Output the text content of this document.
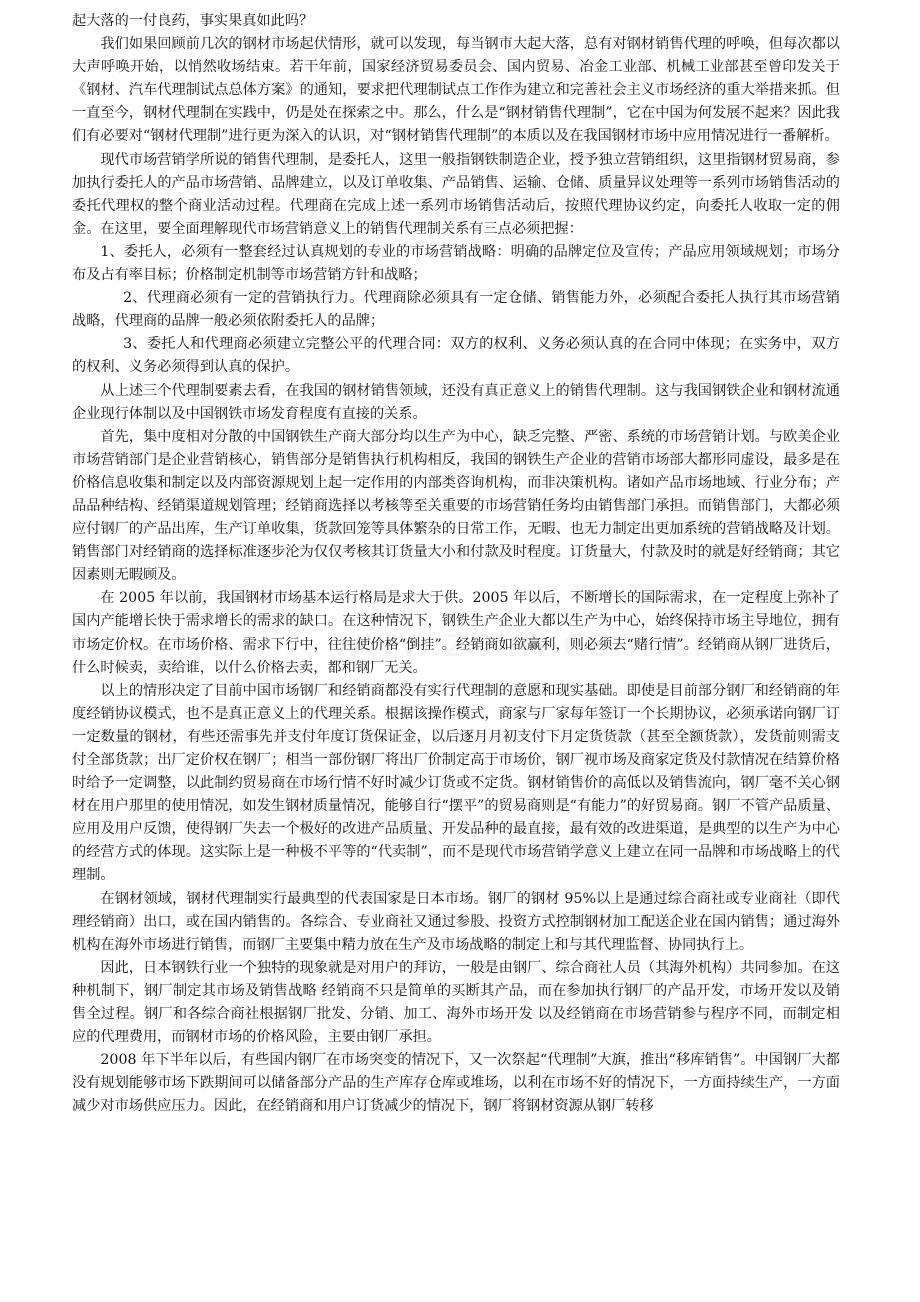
起大落的一付良药，事实果真如此吗？

我们如果回顾前几次的钢材市场起伏情形，就可以发现，每当钢市大起大落，总有对钢材销售代理的呼唤，但每次都以大声呼唤开始，以悄然收场结束。若干年前，国家经济贸易委员会、国内贸易、冶金工业部、机械工业部甚至曾印发关于《钢材、汽车代理制试点总体方案》的通知，要求把代理制试点工作作为建立和完善社会主义市场经济的重大举措来抓。但一直至今，钢材代理制在实践中，仍是处在探索之中。那么，什么是“钢材销售代理制”，它在中国为何发展不起来？因此我们有必要对“钢材代理制”进行更为深入的认识，对“钢材销售代理制”的本质以及在我国钢材市场中应用情况进行一番解析。

现代市场营销学所说的销售代理制，是委托人，这里一般指钢铁制造企业，授予独立营销组织，这里指钢材贸易商，参加执行委托人的产品市场营销、品牌建立，以及订单收集、产品销售、运输、仓储、质量异议处理等一系列市场销售活动的委托代理权的整个商业活动过程。代理商在完成上述一系列市场销售活动后，按照代理协议约定，向委托人收取一定的佣金。在这里，要全面理解现代市场营销意义上的销售代理制关系有三点必须把握：

1、委托人，必须有一整套经过认真规划的专业的市场营销战略：明确的品牌定位及宣传；产品应用领域规划；市场分布及占有率目标；价格制定机制等市场营销方针和战略；

2、代理商必须有一定的营销执行力。代理商除必须具有一定仓储、销售能力外，必须配合委托人执行其市场营销战略，代理商的品牌一般必须依附委托人的品牌；

3、委托人和代理商必须建立完整公平的代理合同：双方的权利、义务必须认真的在合同中体现；在实务中，双方的权利、义务必须得到认真的保护。

从上述三个代理制要素去看，在我国的钢材销售领域，还没有真正意义上的销售代理制。这与我国钢铁企业和钢材流通企业现行体制以及中国钢铁市场发育程度有直接的关系。

首先，集中度相对分散的中国钢铁生产商大部分均以生产为中心，缺乏完整、严密、系统的市场营销计划。与欧美企业市场营销部门是企业营销核心，销售部分是销售执行机构相反，我国的钢铁生产企业的营销市场部大都形同虚设，最多是在价格信息收集和制定以及内部资源规划上起一定作用的内部类咨询机构，而非决策机构。诸如产品市场地域、行业分布；产品品种结构、经销渠道规划管理；经销商选择以考核等至关重要的市场营销任务均由销售部门承担。而销售部门，大都必须应付钢厂的产品出库，生产订单收集，货款回笼等具体繁杂的日常工作，无暇、也无力制定出更加系统的营销战略及计划。销售部门对经销商的选择标准逐步沦为仅仅考核其订货量大小和付款及时程度。订货量大，付款及时的就是好经销商；其它因素则无暇顾及。

在 2005 年以前，我国钢材市场基本运行格局是求大于供。2005 年以后，不断增长的国际需求，在一定程度上弥补了国内产能增长快于需求增长的需求的缺口。在这种情况下，钢铁生产企业大都以生产为中心，始终保持市场主导地位，拥有市场定价权。在市场价格、需求下行中，往往使价格“倒挂”。经销商如欲赢利，则必须去“赌行情”。经销商从钢厂进货后，什么时候卖，卖给谁，以什么价格去卖，都和钢厂无关。

以上的情形决定了目前中国市场钢厂和经销商都没有实行代理制的意愿和现实基础。即使是目前部分钢厂和经销商的年度经销协议模式，也不是真正意义上的代理关系。根据该操作模式，商家与厂家每年签订一个长期协议，必须承诺向钢厂订一定数量的钢材，有些还需事先并支付年度订货保证金，以后逐月月初支付下月定货货款（甚至全额货款），发货前则需支付全部货款；出厂定价权在钢厂；相当一部份钢厂将出厂价制定高于市场价，钢厂视市场及商家定货及付款情况在结算价格时给予一定调整，以此制约贸易商在市场行情不好时减少订货或不定货。钢材销售价的高低以及销售流向，钢厂毫不关心钢材在用户那里的使用情况，如发生钢材质量情况，能够自行“摆平”的贸易商则是“有能力”的好贸易商。钢厂不管产品质量、应用及用户反馈，使得钢厂失去一个极好的改进产品质量、开发品种的最直接，最有效的改进渠道，是典型的以生产为中心的经营方式的体现。这实际上是一种极不平等的“代卖制”，而不是现代市场营销学意义上建立在同一品牌和市场战略上的代理制。

在钢材领域，钢材代理制实行最典型的代表国家是日本市场。钢厂的钢材 95%以上是通过综合商社或专业商社（即代理经销商）出口，或在国内销售的。各综合、专业商社又通过参股、投资方式控制钢材加工配送企业在国内销售；通过海外机构在海外市场进行销售，而钢厂主要集中精力放在生产及市场战略的制定上和与其代理监督、协同执行上。

因此，日本钢铁行业一个独特的现象就是对用户的拜访，一般是由钢厂、综合商社人员（其海外机构）共同参加。在这种机制下，钢厂制定其市场及销售战略 经销商不只是简单的买断其产品，而在参加执行钢厂的产品开发，市场开发以及销售全过程。钢厂和各综合商社根据钢厂批发、分销、加工、海外市场开发 以及经销商在市场营销参与程序不同，而制定相应的代理费用，而钢材市场的价格风险，主要由钢厂承担。

2008 年下半年以后，有些国内钢厂在市场突变的情况下，又一次祭起“代理制”大旗，推出“移库销售”。中国钢厂大都没有规划能够市场下跌期间可以储备部分产品的生产库存仓库或堆场，以利在市场不好的情况下，一方面持续生产，一方面减少对市场供应压力。因此，在经销商和用户订货减少的情况下，钢厂将钢材资源从钢厂转移
